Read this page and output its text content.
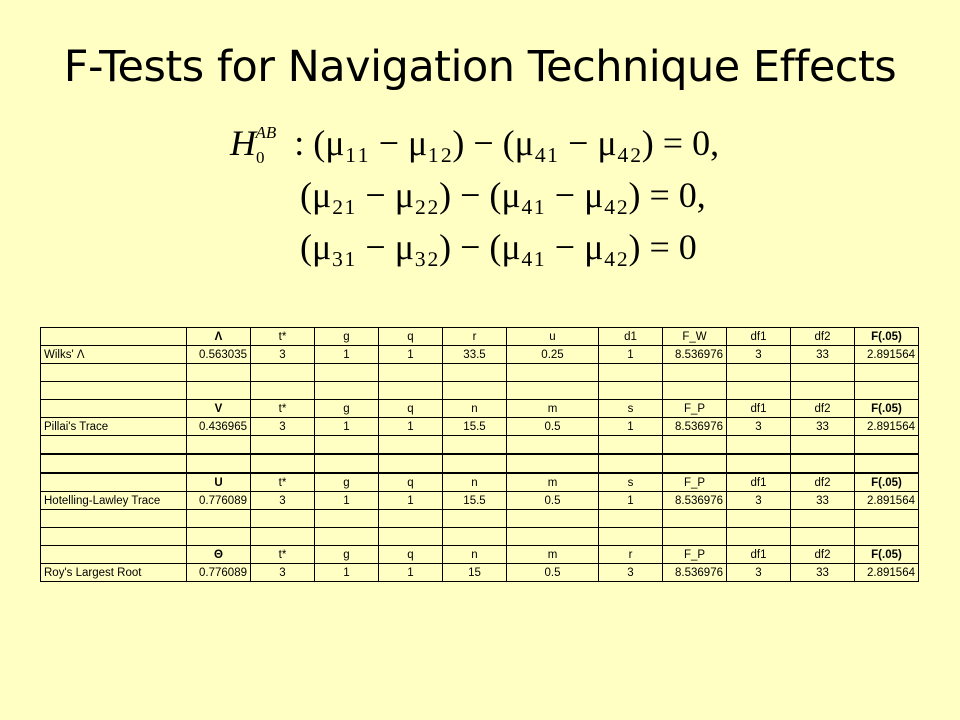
F-Tests for Navigation Technique Effects
$H_0^{AB}$ : (μ₁₁ − μ₁₂) − (μ₄₁ − μ₄₂) = 0,
(μ₂₁ − μ₂₂) − (μ₄₁ − μ₄₂) = 0,
(μ₃₁ − μ₃₂) − (μ₄₁ − μ₄₂) = 0
	Λ	t*	g	q	r	u	d1	F_W	df1	df2	F(.05)
Wilks' Λ	0.563035	3	1	1	33.5	0.25	1	8.536976	3	33	2.891564

	V	t*	g	q	n	m	s	F_P	df1	df2	F(.05)
Pillai's Trace	0.436965	3	1	1	15.5	0.5	1	8.536976	3	33	2.891564

	U	t*	g	q	n	m	s	F_P	df1	df2	F(.05)
Hotelling-Lawley Trace	0.776089	3	1	1	15.5	0.5	1	8.536976	3	33	2.891564

	Θ	t*	g	q	n	m	r	F_P	df1	df2	F(.05)
Roy's Largest Root	0.776089	3	1	1	15	0.5	3	8.536976	3	33	2.891564
